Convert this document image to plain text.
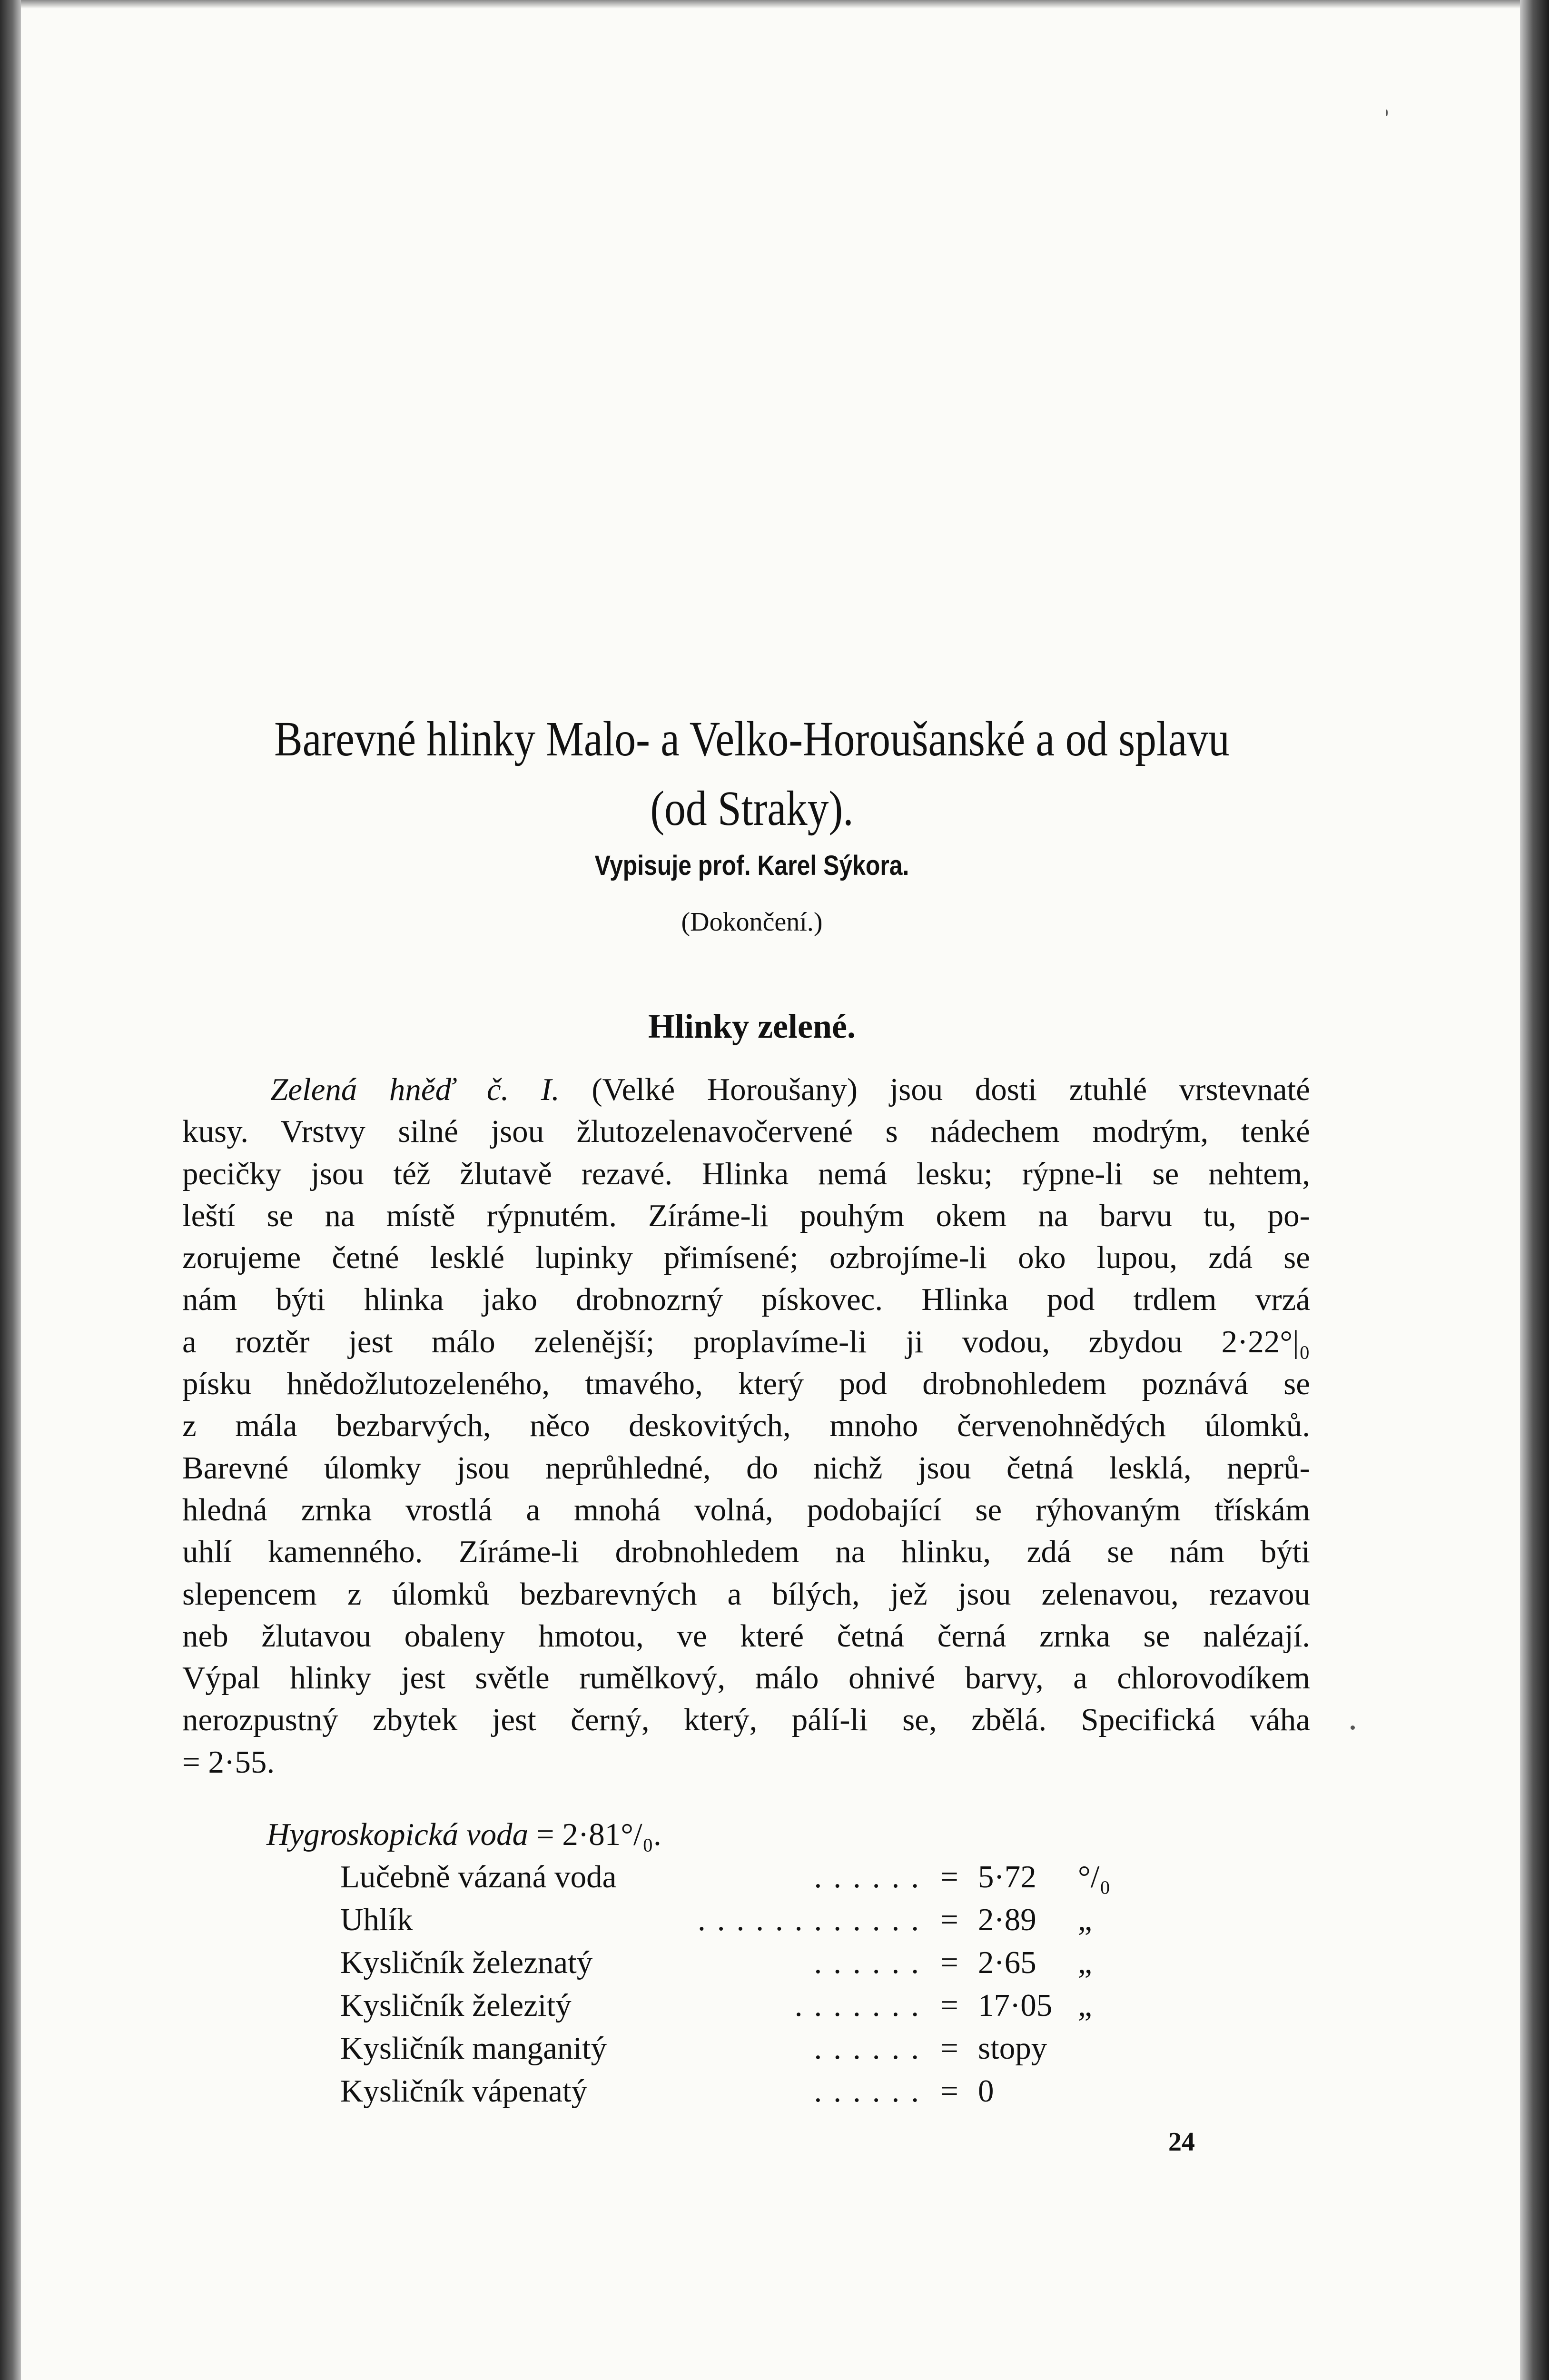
Barevné hlinky Malo- a Velko-Horoušanské a od splavu
(od Straky).
Vypisuje prof. Karel Sýkora.
(Dokončení.)
Hlinky zelené.
Zelená hněď č. I. (Velké Horoušany) jsou dosti ztuhlé vrstevnaté
kusy. Vrstvy silné jsou žlutozelenavočervené s nádechem modrým, tenké
pecičky jsou též žlutavě rezavé. Hlinka nemá lesku; rýpne-li se nehtem,
leští se na místě rýpnutém. Zíráme-li pouhým okem na barvu tu, po-
zorujeme četné lesklé lupinky přimísené; ozbrojíme-li oko lupou, zdá se
nám býti hlinka jako drobnozrný pískovec. Hlinka pod trdlem vrzá
a roztěr jest málo zelenější; proplavíme-li ji vodou, zbydou 2·22°|₀
písku hnědožlutozeleného, tmavého, který pod drobnohledem poznává se
z mála bezbarvých, něco deskovitých, mnoho červenohnědých úlomků.
Barevné úlomky jsou neprůhledné, do nichž jsou četná lesklá, neprů-
hledná zrnka vrostlá a mnohá volná, podobající se rýhovaným třískám
uhlí kamenného. Zíráme-li drobnohledem na hlinku, zdá se nám býti
slepencem z úlomků bezbarevných a bílých, jež jsou zelenavou, rezavou
neb žlutavou obaleny hmotou, ve které četná černá zrnka se nalézají.
Výpal hlinky jest světle rumělkový, málo ohnivé barvy, a chlorovodíkem
nerozpustný zbytek jest černý, který, pálí-li se, zbělá. Specifická váha
= 2·55.
Hygroskopická voda = 2·81°/₀.
Lučebně vázaná voda	...... = 5·72 °/₀
Uhlík	............ = 2·89 „
Kysličník železnatý	...... = 2·65 „
Kysličník železitý	....... = 17·05 „
Kysličník manganitý	...... = stopy
Kysličník vápenatý	...... = 0
24
